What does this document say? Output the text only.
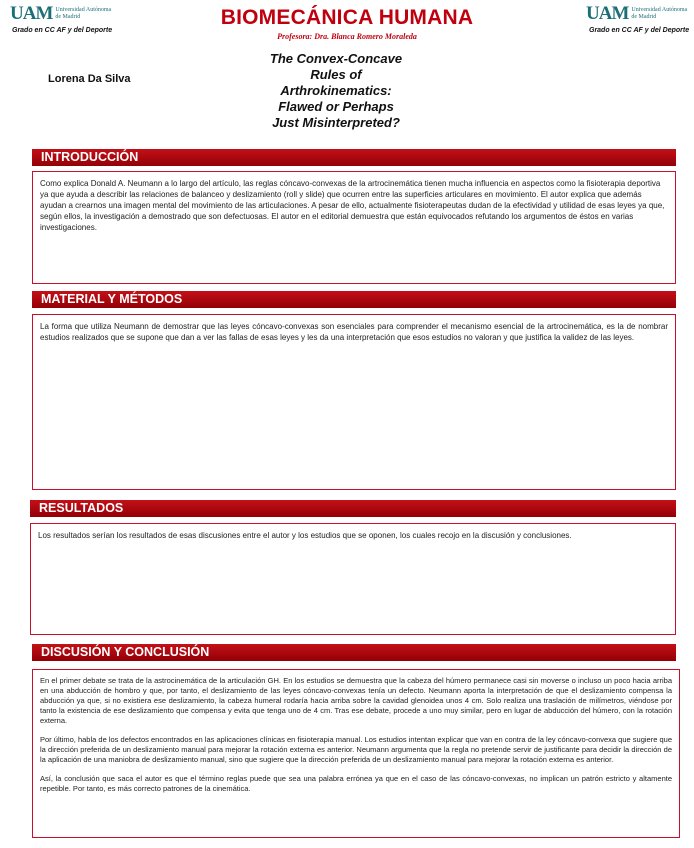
UAM Universidad Autónoma de Madrid
Grado en CC AF y del Deporte
UAM Universidad Autónoma de Madrid
Grado en CC AF y del Deporte
BIOMECÁNICA HUMANA
Profesora: Dra. Blanca Romero Moraleda
Lorena Da Silva
The Convex-Concave
Rules of
Arthrokinematics:
Flawed or Perhaps
Just Misinterpreted?
INTRODUCCIÓN
Como explica Donald A. Neumann a lo largo del artículo, las reglas cóncavo-convexas de la artrocinemática tienen mucha influencia en aspectos como la fisioterapia deportiva ya que ayuda a describir las relaciones de balanceo y deslizamiento (roll y slide) que ocurren entre las superficies articulares en movimiento. El autor explica que además ayudan a crearnos una imagen mental del movimiento de las articulaciones. A pesar de ello, actualmente fisioterapeutas dudan de la efectividad y utilidad de esas leyes ya que, según ellos, la investigación a demostrado que son defectuosas. El autor en el editorial demuestra que están equivocados refutando los argumentos de éstos en varias investigaciones.
MATERIAL Y MÉTODOS
La forma que utiliza Neumann de demostrar que las leyes cóncavo-convexas son esenciales para comprender el mecanismo esencial de la artrocinemática, es la de nombrar estudios realizados que se supone que dan a ver las fallas de esas leyes y les da una interpretación que esos estudios no valoran y que justifica la validez de las leyes.
RESULTADOS
Los resultados serían los resultados de esas discusiones entre el autor y los estudios que se oponen, los cuales recojo en la discusión y conclusiones.
DISCUSIÓN Y CONCLUSIÓN
En el primer debate se trata de la astrocinemática de la articulación GH. En los estudios se demuestra que la cabeza del húmero permanece casi sin moverse o incluso un poco hacia arriba en una abducción de hombro y que, por tanto, el deslizamiento de las leyes cóncavo-convexas tenía un defecto. Neumann aporta la interpretación de que el deslizamiento compensa la abducción ya que, si no existiera ese deslizamiento, la cabeza humeral rodaría hacia arriba sobre la cavidad glenoidea unos 4 cm. Solo realiza una traslación de milímetros, viéndose por tanto la existencia de ese deslizamiento que compensa y evita que tenga uno de 4 cm. Tras ese debate, procede a uno muy similar, pero en lugar de abducción del húmero, con la rotación externa.
Por último, habla de los defectos encontrados en las aplicaciones clínicas en fisioterapia manual. Los estudios intentan explicar que van en contra de la ley cóncavo-convexa que sugiere que la dirección preferida de un deslizamiento manual para mejorar la rotación externa es anterior. Neumann argumenta que la regla no pretende servir de justificante para decidir la dirección de la aplicación de una maniobra de deslizamiento manual, sino que sugiere que la dirección preferida de un deslizamiento manual para mejorar la rotación externa es anterior.
Así, la conclusión que saca el autor es que el término reglas puede que sea una palabra errónea ya que en el caso de las cóncavo-convexas, no implican un patrón estricto y altamente repetible. Por tanto, es más correcto patrones de la cinemática.
